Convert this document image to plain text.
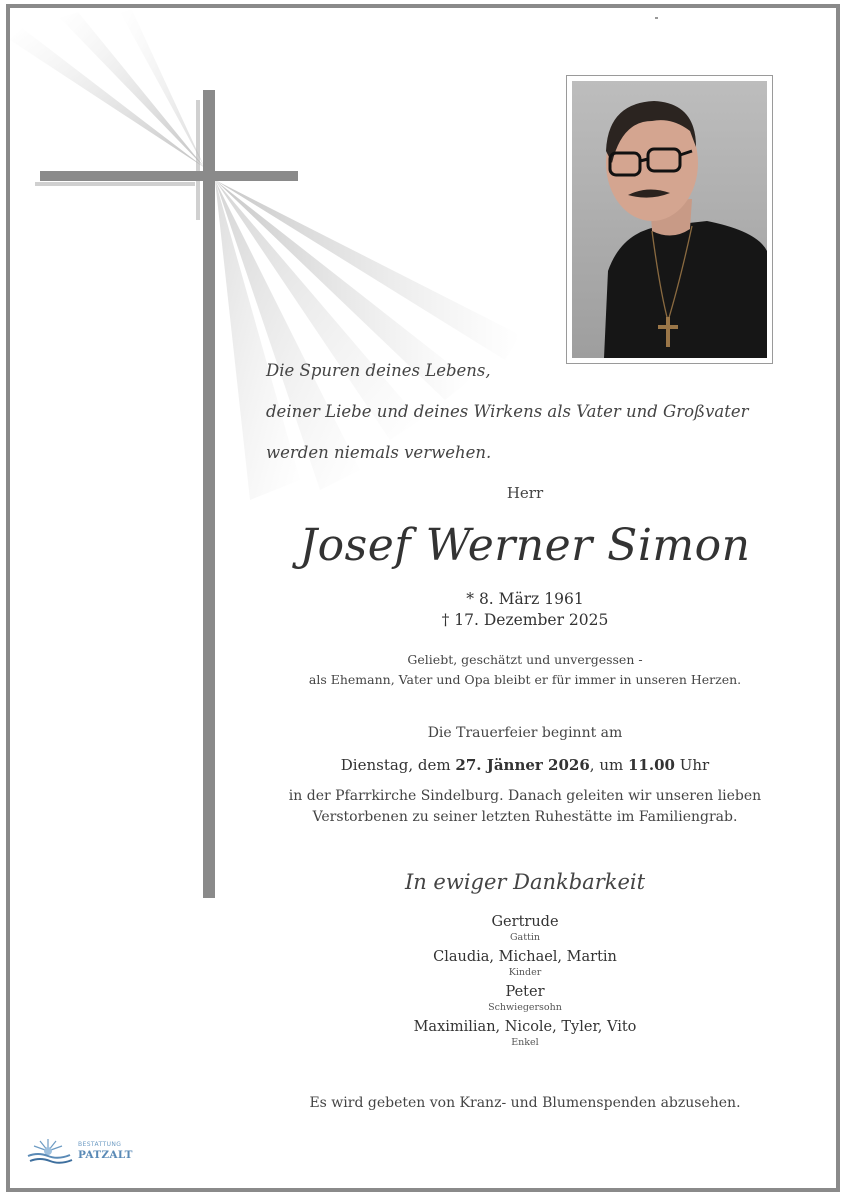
Die Spuren deines Lebens,
deiner Liebe und deines Wirkens als Vater und Großvater
werden niemals verwehen.
Herr
Josef Werner Simon
* 8. März 1961
† 17. Dezember 2025
Geliebt, geschätzt und unvergessen -
als Ehemann, Vater und Opa bleibt er für immer in unseren Herzen.
Die Trauerfeier beginnt am
Dienstag, dem 27. Jänner 2026, um 11.00 Uhr
in der Pfarrkirche Sindelburg. Danach geleiten wir unseren lieben
Verstorbenen zu seiner letzten Ruhestätte im Familiengrab.
In ewiger Dankbarkeit
Gertrude
Gattin
Claudia, Michael, Martin
Kinder
Peter
Schwiegersohn
Maximilian, Nicole, Tyler, Vito
Enkel
Es wird gebeten von Kranz- und Blumenspenden abzusehen.
BESTATTUNG
PATZALT
